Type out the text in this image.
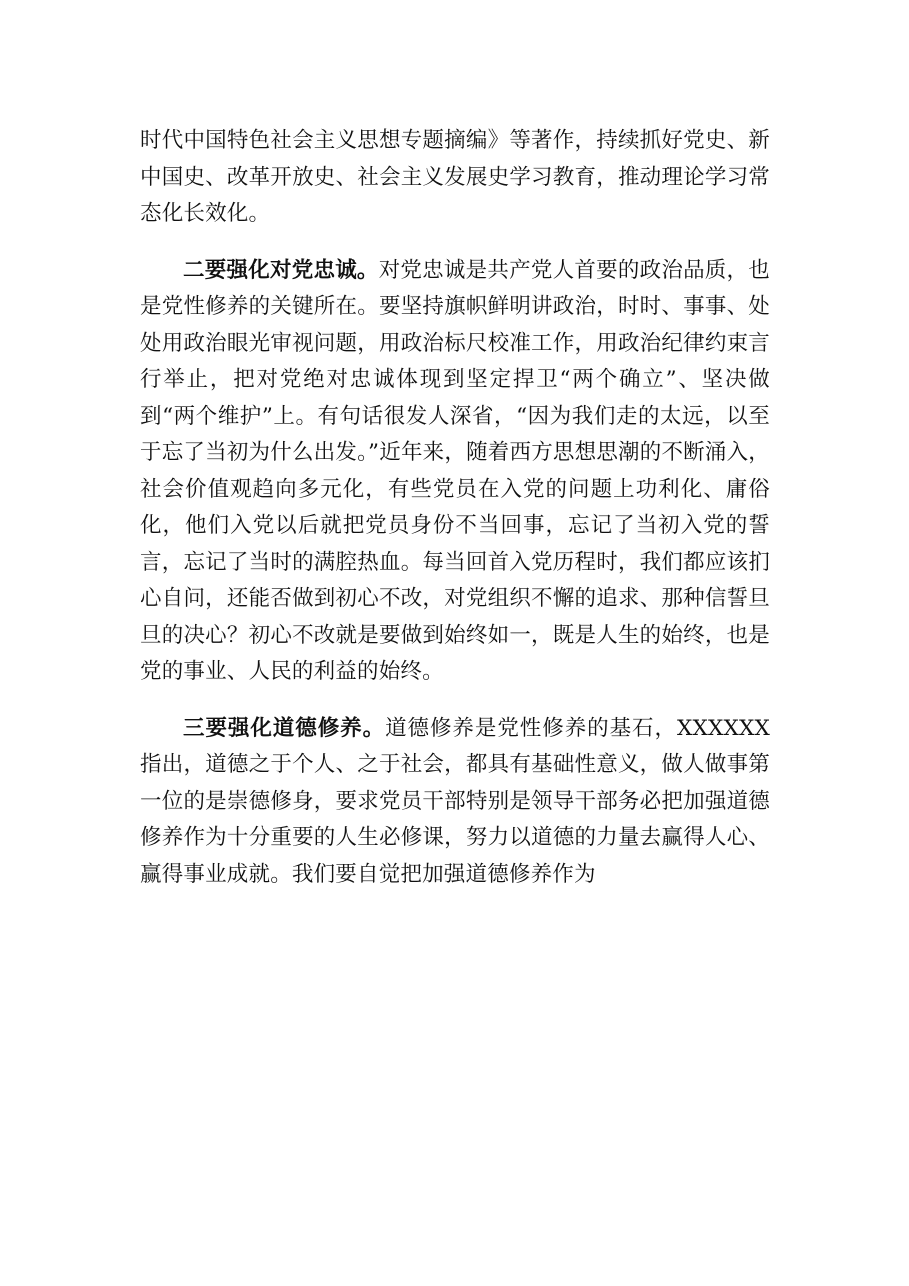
时代中国特色社会主义思想专题摘编》等著作，持续抓好党史、新中国史、改革开放史、社会主义发展史学习教育，推动理论学习常态化长效化。

二要强化对党忠诚。对党忠诚是共产党人首要的政治品质，也是党性修养的关键所在。要坚持旗帜鲜明讲政治，时时、事事、处处用政治眼光审视问题，用政治标尺校准工作，用政治纪律约束言行举止，把对党绝对忠诚体现到坚定捍卫“两个确立”、坚决做到“两个维护”上。有句话很发人深省，“因为我们走的太远，以至于忘了当初为什么出发。”近年来，随着西方思想思潮的不断涌入，社会价值观趋向多元化，有些党员在入党的问题上功利化、庸俗化，他们入党以后就把党员身份不当回事，忘记了当初入党的誓言，忘记了当时的满腔热血。每当回首入党历程时，我们都应该扪心自问，还能否做到初心不改，对党组织不懈的追求、那种信誓旦旦的决心？初心不改就是要做到始终如一，既是人生的始终，也是党的事业、人民的利益的始终。

三要强化道德修养。道德修养是党性修养的基石，XXXXXX指出，道德之于个人、之于社会，都具有基础性意义，做人做事第一位的是崇德修身，要求党员干部特别是领导干部务必把加强道德修养作为十分重要的人生必修课，努力以道德的力量去赢得人心、赢得事业成就。我们要自觉把加强道德修养作为
